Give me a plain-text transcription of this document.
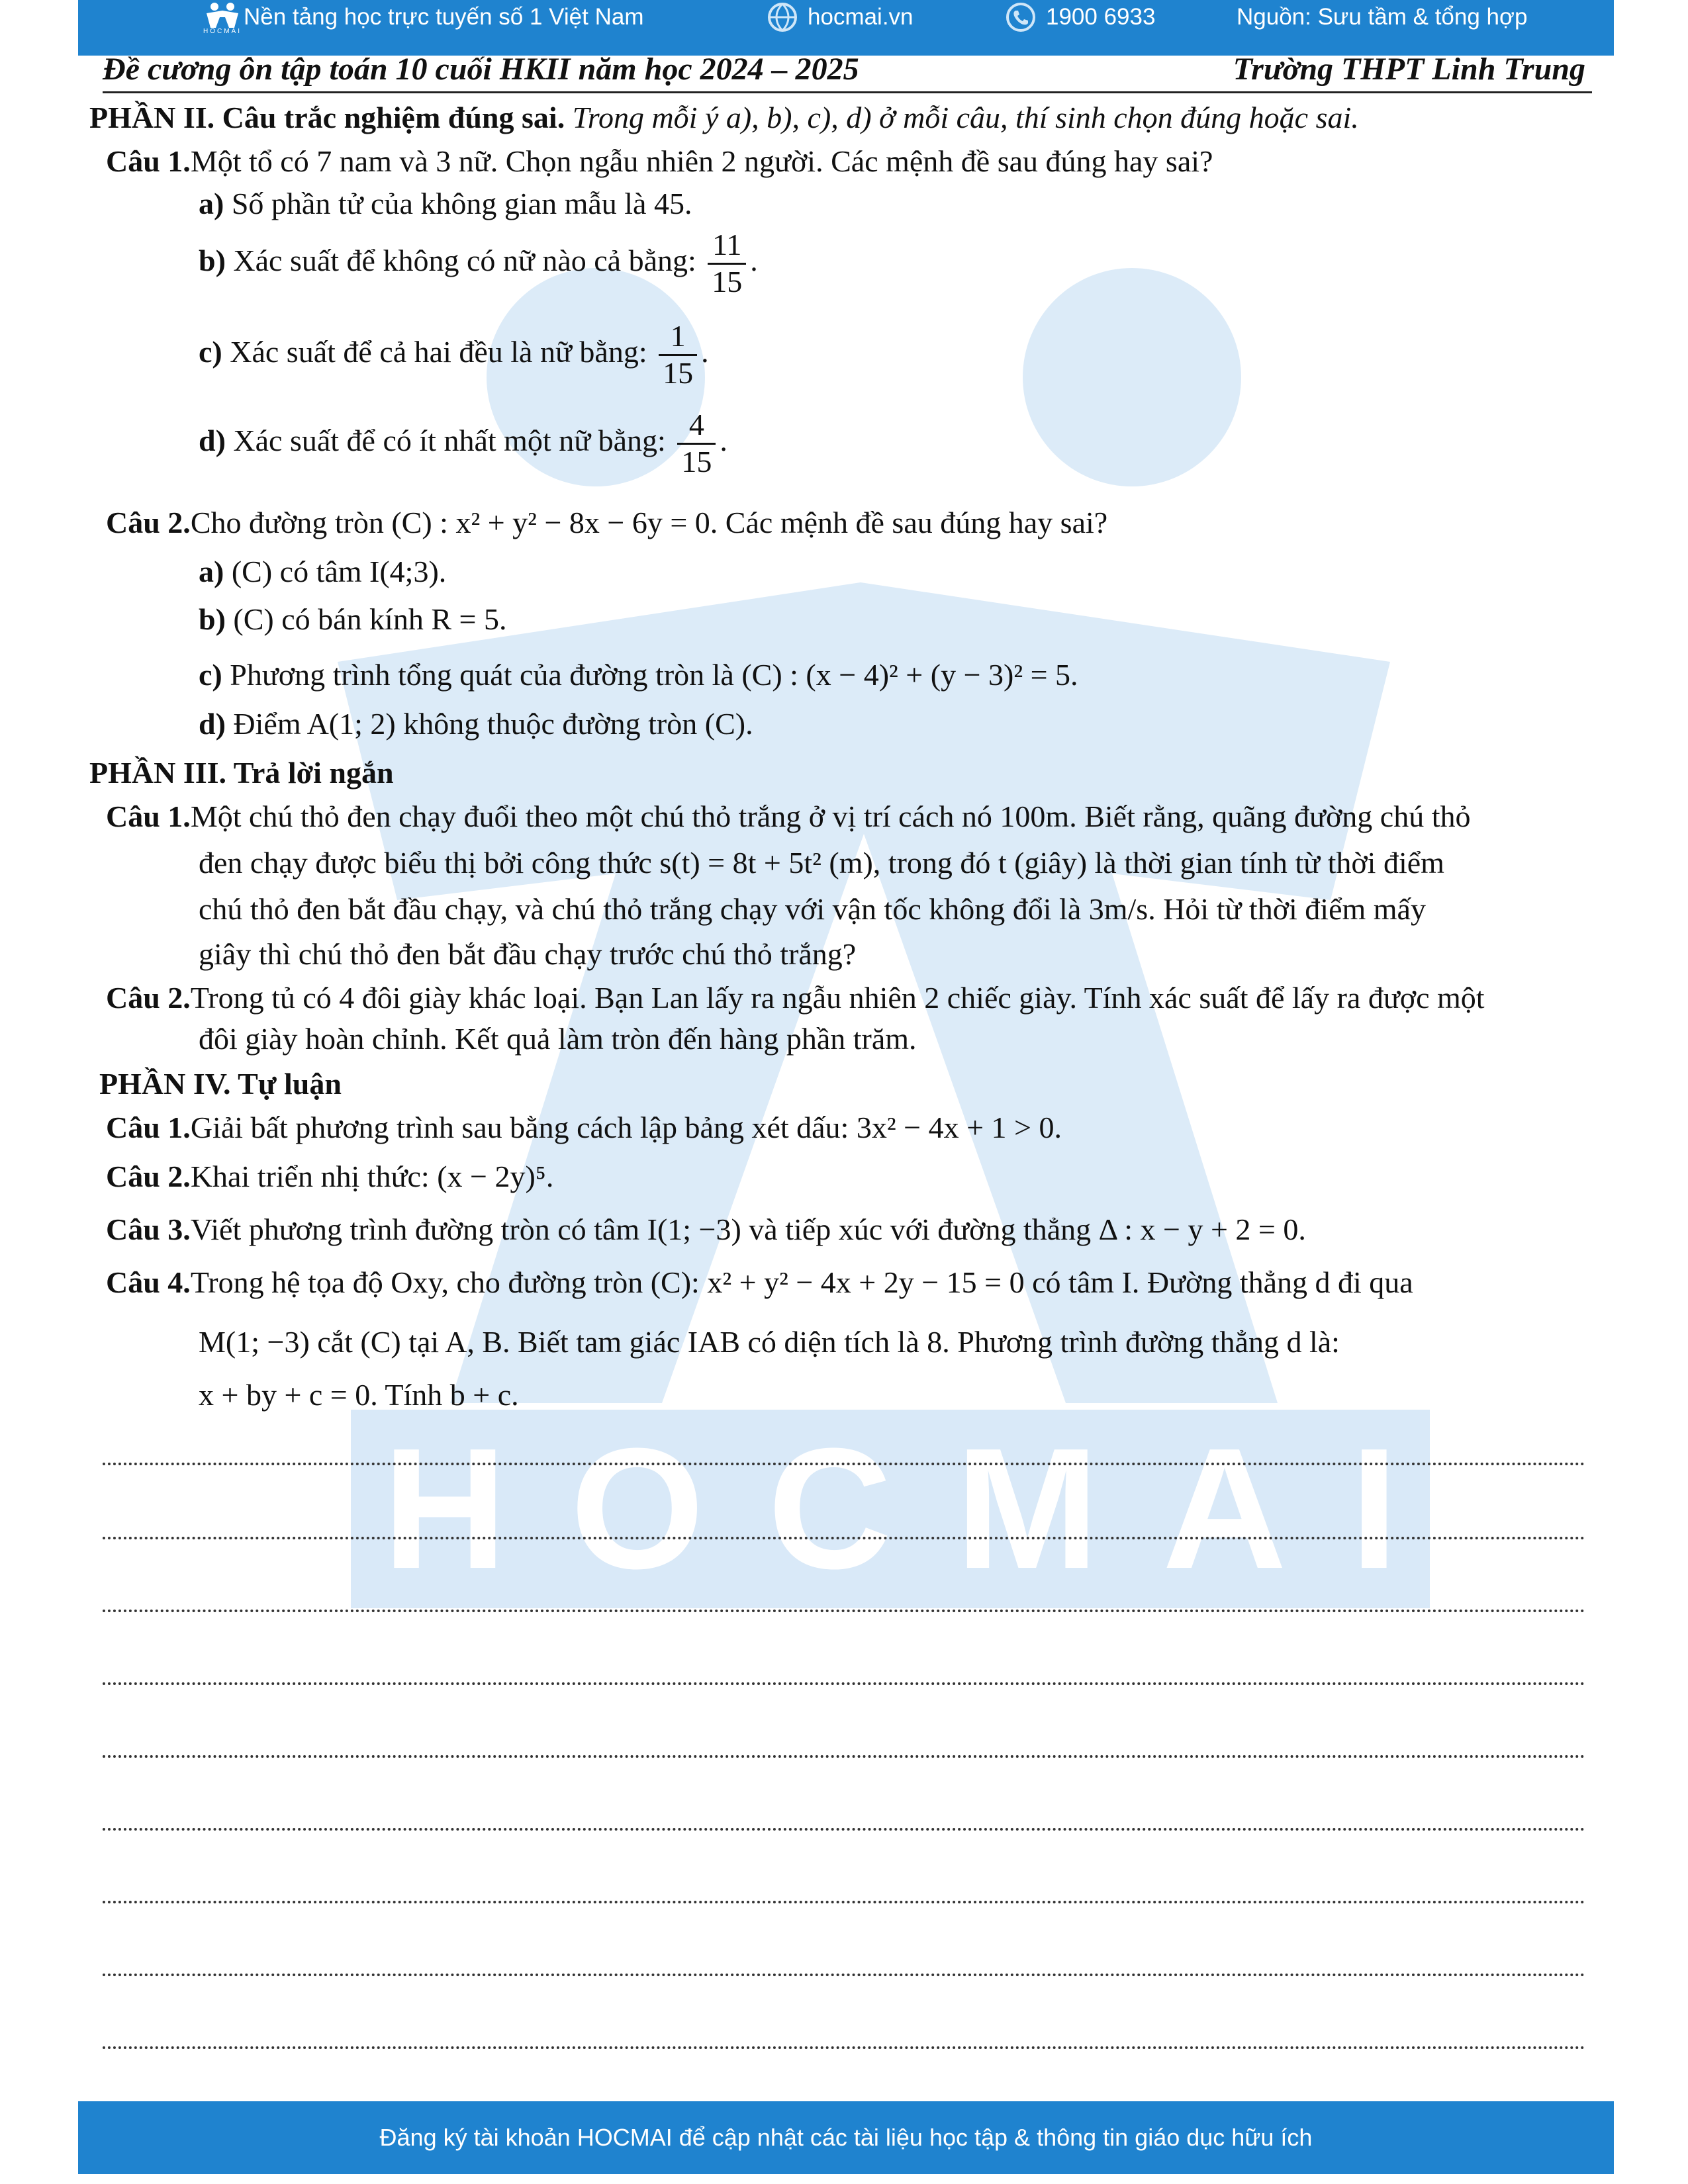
HOCMAI
Nền tảng học trực tuyến số 1 Việt Nam	hocmai.vn	1900 6933	Nguồn: Sưu tầm & tổng hợp
Đề cương ôn tập toán 10 cuối HKII năm học 2024 – 2025	Trường THPT Linh Trung
H O C M A I
PHẦN II. Câu trắc nghiệm đúng sai. Trong mỗi ý a), b), c), d) ở mỗi câu, thí sinh chọn đúng hoặc sai.
Câu 1.Một tổ có 7 nam và 3 nữ. Chọn ngẫu nhiên 2 người. Các mệnh đề sau đúng hay sai?
a) Số phần tử của không gian mẫu là 45.
b) Xác suất để không có nữ nào cả bằng: $\frac{11}{15}$ .
c) Xác suất để cả hai đều là nữ bằng: $\frac{1}{15}$ .
d) Xác suất để có ít nhất một nữ bằng: $\frac{4}{15}$ .
Câu 2.Cho đường tròn (C) : x² + y² − 8x − 6y = 0. Các mệnh đề sau đúng hay sai?
a) (C) có tâm I(4;3).
b) (C) có bán kính R = 5.
c) Phương trình tổng quát của đường tròn là (C) : (x − 4)² + (y − 3)² = 5.
d) Điểm A(1; 2) không thuộc đường tròn (C).
PHẦN III. Trả lời ngắn
Câu 1.Một chú thỏ đen chạy đuổi theo một chú thỏ trắng ở vị trí cách nó 100m. Biết rằng, quãng đường chú thỏ
đen chạy được biểu thị bởi công thức s(t) = 8t + 5t² (m), trong đó t (giây) là thời gian tính từ thời điểm
chú thỏ đen bắt đầu chạy, và chú thỏ trắng chạy với vận tốc không đổi là 3m/s. Hỏi từ thời điểm mấy
giây thì chú thỏ đen bắt đầu chạy trước chú thỏ trắng?
Câu 2.Trong tủ có 4 đôi giày khác loại. Bạn Lan lấy ra ngẫu nhiên 2 chiếc giày. Tính xác suất để lấy ra được một
đôi giày hoàn chỉnh. Kết quả làm tròn đến hàng phần trăm.
PHẦN IV. Tự luận
Câu 1.Giải bất phương trình sau bằng cách lập bảng xét dấu: 3x² − 4x + 1 > 0.
Câu 2.Khai triển nhị thức: (x − 2y)⁵.
Câu 3.Viết phương trình đường tròn có tâm I(1; −3) và tiếp xúc với đường thẳng Δ : x − y + 2 = 0.
Câu 4.Trong hệ tọa độ Oxy, cho đường tròn (C): x² + y² − 4x + 2y − 15 = 0 có tâm I. Đường thẳng d đi qua
M(1; −3) cắt (C) tại A, B. Biết tam giác IAB có diện tích là 8. Phương trình đường thẳng d là:
x + by + c = 0. Tính b + c.
Đăng ký tài khoản HOCMAI để cập nhật các tài liệu học tập & thông tin giáo dục hữu ích
